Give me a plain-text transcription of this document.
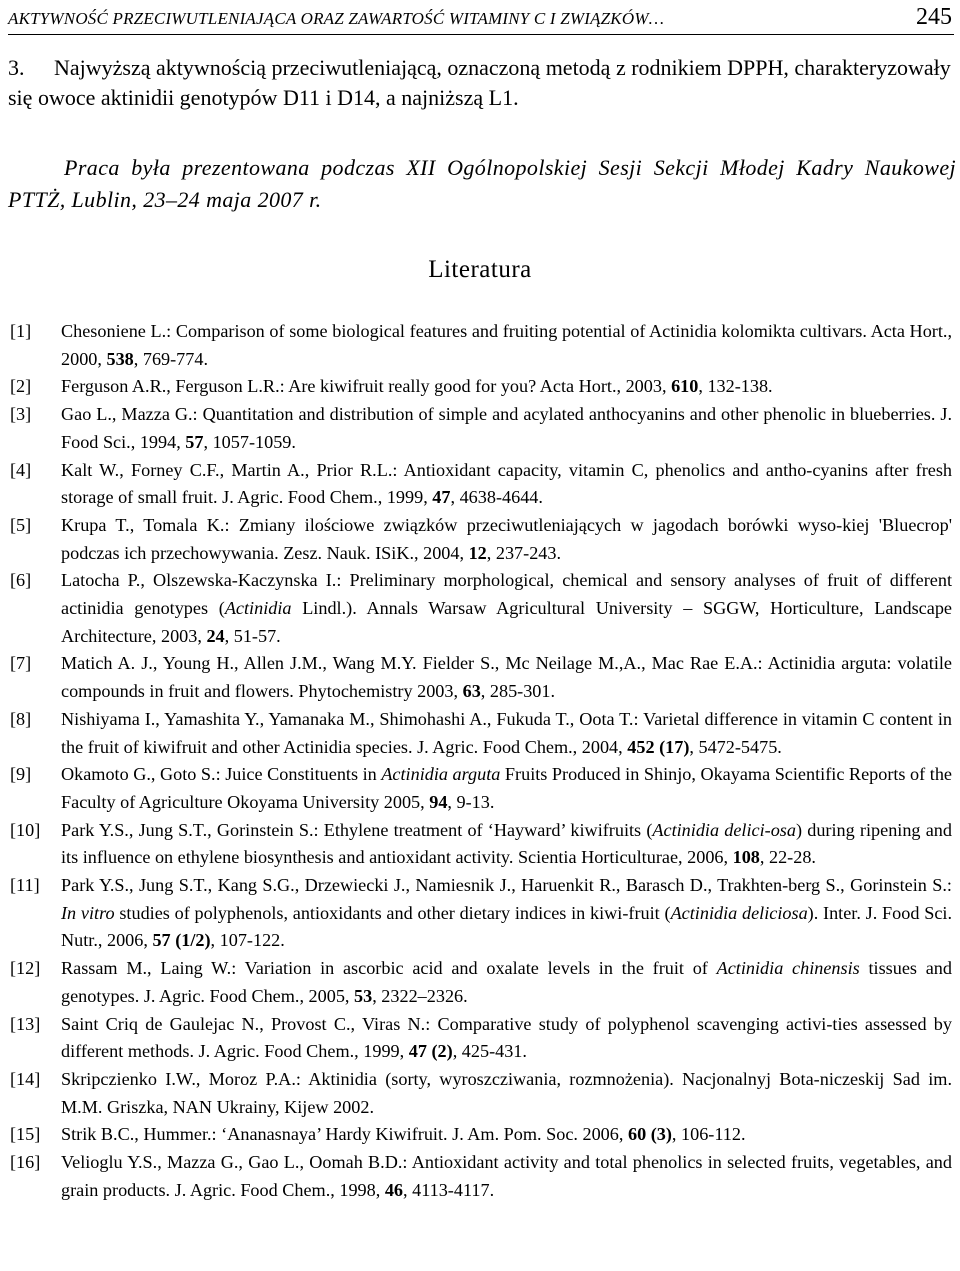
AKTYWNOŚĆ PRZECIWUTLENIAJĄCA ORAZ ZAWARTOŚĆ WITAMINY C I ZWIĄZKÓW…	245
3. Najwyższą aktywnością przeciwutleniającą, oznaczoną metodą z rodnikiem DPPH, charakteryzowały się owoce aktinidii genotypów D11 i D14, a najniższą L1.
Praca była prezentowana podczas XII Ogólnopolskiej Sesji Sekcji Młodej Kadry Naukowej PTTŻ, Lublin, 23–24 maja 2007 r.
Literatura

[1] Chesoniene L.: Comparison of some biological features and fruiting potential of Actinidia kolomikta cultivars. Acta Hort., 2000, 538, 769-774.

[2] Ferguson A.R., Ferguson L.R.: Are kiwifruit really good for you? Acta Hort., 2003, 610, 132-138.

[3] Gao L., Mazza G.: Quantitation and distribution of simple and acylated anthocyanins and other phenolic in blueberries. J. Food Sci., 1994, 57, 1057-1059.

[4] Kalt W., Forney C.F., Martin A., Prior R.L.: Antioxidant capacity, vitamin C, phenolics and antho-cyanins after fresh storage of small fruit. J. Agric. Food Chem., 1999, 47, 4638-4644.

[5] Krupa T., Tomala K.: Zmiany ilościowe związków przeciwutleniających w jagodach borówki wyso-kiej 'Bluecrop' podczas ich przechowywania. Zesz. Nauk. ISiK., 2004, 12, 237-243.

[6] Latocha P., Olszewska-Kaczynska I.: Preliminary morphological, chemical and sensory analyses of fruit of different actinidia genotypes (Actinidia Lindl.). Annals Warsaw Agricultural University – SGGW, Horticulture, Landscape Architecture, 2003, 24, 51-57.

[7] Matich A. J., Young H., Allen J.M., Wang M.Y. Fielder S., Mc Neilage M.,A., Mac Rae E.A.: Actinidia arguta: volatile compounds in fruit and flowers. Phytochemistry 2003, 63, 285-301.

[8] Nishiyama I., Yamashita Y., Yamanaka M., Shimohashi A., Fukuda T., Oota T.: Varietal difference in vitamin C content in the fruit of kiwifruit and other Actinidia species. J. Agric. Food Chem., 2004, 452 (17), 5472-5475.

[9] Okamoto G., Goto S.: Juice Constituents in Actinidia arguta Fruits Produced in Shinjo, Okayama Scientific Reports of the Faculty of Agriculture Okoyama University 2005, 94, 9-13.

[10] Park Y.S., Jung S.T., Gorinstein S.: Ethylene treatment of ‘Hayward’ kiwifruits (Actinidia delici-osa) during ripening and its influence on ethylene biosynthesis and antioxidant activity. Scientia Horticulturae, 2006, 108, 22-28.

[11] Park Y.S., Jung S.T., Kang S.G., Drzewiecki J., Namiesnik J., Haruenkit R., Barasch D., Trakhten-berg S., Gorinstein S.: In vitro studies of polyphenols, antioxidants and other dietary indices in kiwi-fruit (Actinidia deliciosa). Inter. J. Food Sci. Nutr., 2006, 57 (1/2), 107-122.

[12] Rassam M., Laing W.: Variation in ascorbic acid and oxalate levels in the fruit of Actinidia chinensis tissues and genotypes. J. Agric. Food Chem., 2005, 53, 2322–2326.

[13] Saint Criq de Gaulejac N., Provost C., Viras N.: Comparative study of polyphenol scavenging activi-ties assessed by different methods. J. Agric. Food Chem., 1999, 47 (2), 425-431.

[14] Skripczienko I.W., Moroz P.A.: Aktinidia (sorty, wyroszcziwania, rozmnożenia). Nacjonalnyj Bota-niczeskij Sad im. M.M. Griszka, NAN Ukrainy, Kijew 2002.

[15] Strik B.C., Hummer.: ‘Ananasnaya’ Hardy Kiwifruit. J. Am. Pom. Soc. 2006, 60 (3), 106-112.

[16] Velioglu Y.S., Mazza G., Gao L., Oomah B.D.: Antioxidant activity and total phenolics in selected fruits, vegetables, and grain products. J. Agric. Food Chem., 1998, 46, 4113-4117.
